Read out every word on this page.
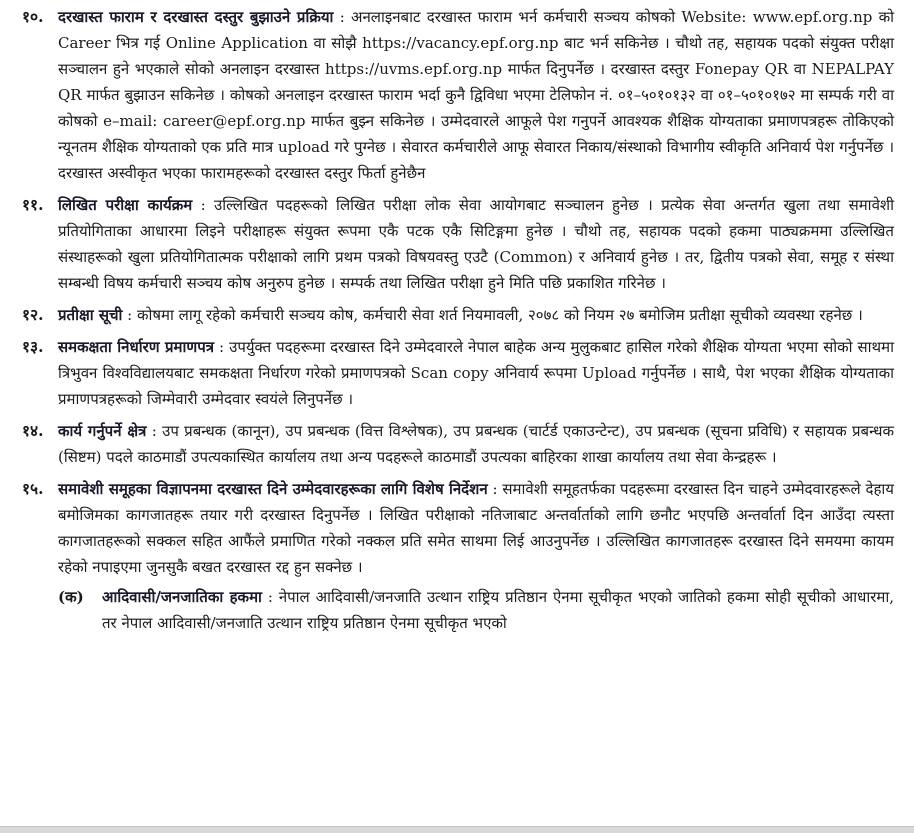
१०. दरखास्त फाराम र दरखास्त दस्तुर बुझाउने प्रक्रिया : अनलाइनबाट दरखास्त फाराम भर्न कर्मचारी सञ्चय कोषको Website: www.epf.org.np को Career भित्र गई Online Application वा सोझै https://vacancy.epf.org.np बाट भर्न सकिनेछ । चौथो तह, सहायक पदको संयुक्त परीक्षा सञ्चालन हुने भएकाले सोको अनलाइन दरखास्त https://uvms.epf.org.np मार्फत दिनुपर्नेछ । दरखास्त दस्तुर Fonepay QR वा NEPALPAY QR मार्फत बुझाउन सकिनेछ । कोषको अनलाइन दरखास्त फाराम भर्दा कुनै द्विविधा भएमा टेलिफोन नं. ०१–५०१०१३२ वा ०१–५०१०१७२ मा सम्पर्क गरी वा कोषको e–mail: career@epf.org.np मार्फत बुझ्न सकिनेछ । उम्मेदवारले आफूले पेश गनुपर्ने आवश्यक शैक्षिक योग्यताका प्रमाणपत्रहरू तोकिएको न्यूनतम शैक्षिक योग्यताको एक प्रति मात्र upload गरे पुग्नेछ । सेवारत कर्मचारीले आफू सेवारत निकाय/संस्थाको विभागीय स्वीकृति अनिवार्य पेश गर्नुपर्नेछ । दरखास्त अस्वीकृत भएका फारामहरूको दरखास्त दस्तुर फिर्ता हुनेछैन
११. लिखित परीक्षा कार्यक्रम : उल्लिखित पदहरूको लिखित परीक्षा लोक सेवा आयोगबाट सञ्चालन हुनेछ । प्रत्येक सेवा अन्तर्गत खुला तथा समावेशी प्रतियोगिताका आधारमा लिइने परीक्षाहरू संयुक्त रूपमा एकै पटक एकै सिटिङ्गमा हुनेछ । चौथो तह, सहायक पदको हकमा पाठ्यक्रममा उल्लिखित संस्थाहरूको खुला प्रतियोगितात्मक परीक्षाको लागि प्रथम पत्रको विषयवस्तु एउटै (Common) र अनिवार्य हुनेछ । तर, द्वितीय पत्रको सेवा, समूह र संस्था सम्बन्धी विषय कर्मचारी सञ्चय कोष अनुरुप हुनेछ । सम्पर्क तथा लिखित परीक्षा हुने मिति पछि प्रकाशित गरिनेछ ।
१२. प्रतीक्षा सूची : कोषमा लागू रहेको कर्मचारी सञ्चय कोष, कर्मचारी सेवा शर्त नियमावली, २०७८ को नियम २७ बमोजिम प्रतीक्षा सूचीको व्यवस्था रहनेछ ।
१३. समकक्षता निर्धारण प्रमाणपत्र : उपर्युक्त पदहरूमा दरखास्त दिने उम्मेदवारले नेपाल बाहेक अन्य मुलुकबाट हासिल गरेको शैक्षिक योग्यता भएमा सोको साथमा त्रिभुवन विश्वविद्यालयबाट समकक्षता निर्धारण गरेको प्रमाणपत्रको Scan copy अनिवार्य रूपमा Upload गर्नुपर्नेछ । साथै, पेश भएका शैक्षिक योग्यताका प्रमाणपत्रहरूको जिम्मेवारी उम्मेदवार स्वयंले लिनुपर्नेछ ।
१४. कार्य गर्नुपर्ने क्षेत्र : उप प्रबन्धक (कानून), उप प्रबन्धक (वित्त विश्लेषक), उप प्रबन्धक (चार्टर्ड एकाउन्टेन्ट), उप प्रबन्धक (सूचना प्रविधि) र सहायक प्रबन्धक (सिष्टम) पदले काठमाडौं उपत्यकास्थित कार्यालय तथा अन्य पदहरूले काठमाडौं उपत्यका बाहिरका शाखा कार्यालय तथा सेवा केन्द्रहरू ।
१५. समावेशी समूहका विज्ञापनमा दरखास्त दिने उम्मेदवारहरूका लागि विशेष निर्देशन : समावेशी समूहतर्फका पदहरूमा दरखास्त दिन चाहने उम्मेदवारहरूले देहाय बमोजिमका कागजातहरू तयार गरी दरखास्त दिनुपर्नेछ । लिखित परीक्षाको नतिजाबाट अन्तर्वार्ताको लागि छनौट भएपछि अन्तर्वार्ता दिन आउँदा त्यस्ता कागजातहरूको सक्कल सहित आफैंले प्रमाणित गरेको नक्कल प्रति समेत साथमा लिई आउनुपर्नेछ । उल्लिखित कागजातहरू दरखास्त दिने समयमा कायम रहेको नपाइएमा जुनसुकै बखत दरखास्त रद्द हुन सक्नेछ ।
(क)	आदिवासी/जनजातिका हकमा : नेपाल आदिवासी/जनजाति उत्थान राष्ट्रिय प्रतिष्ठान ऐनमा सूचीकृत भएको जातिको हकमा सोही सूचीको आधारमा, तर नेपाल आदिवासी/जनजाति उत्थान राष्ट्रिय प्रतिष्ठान ऐनमा सूचीकृत भएको
